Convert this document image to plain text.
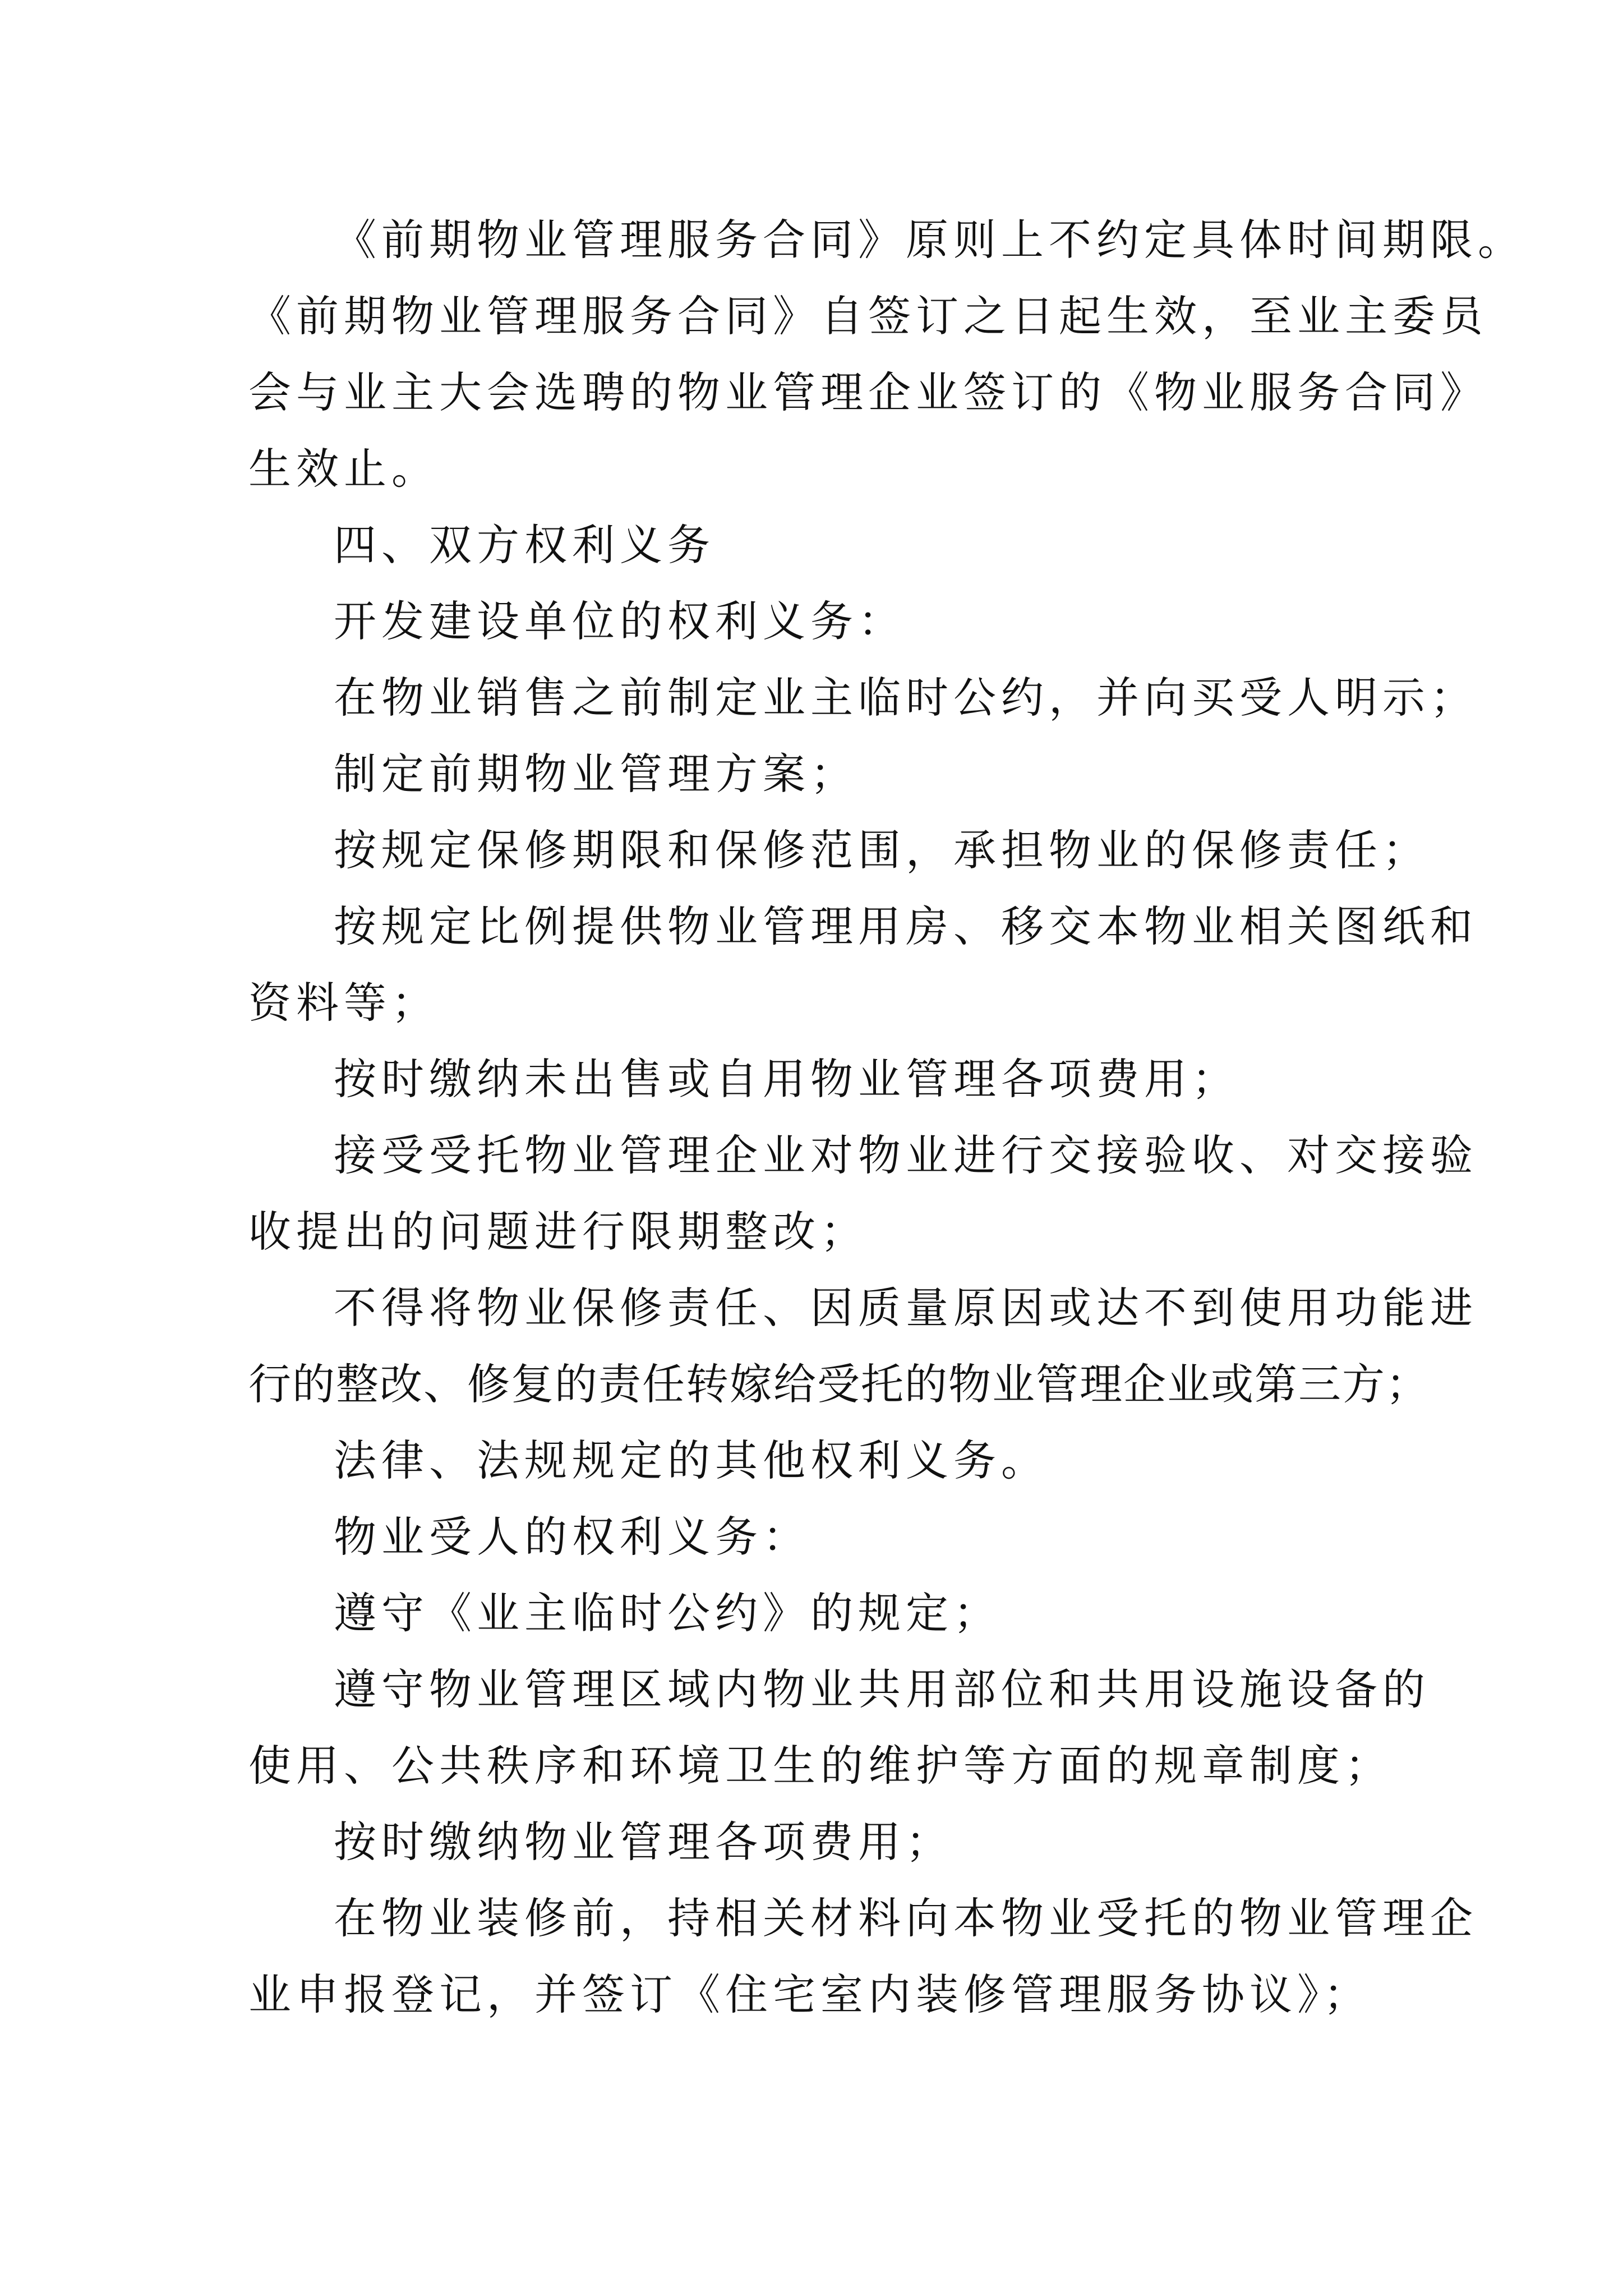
《前期物业管理服务合同》原则上不约定具体时间期限。
《前期物业管理服务合同》自签订之日起生效，至业主委员
会与业主大会选聘的物业管理企业签订的《物业服务合同》
生效止。
四、双方权利义务
开发建设单位的权利义务：
在物业销售之前制定业主临时公约，并向买受人明示；
制定前期物业管理方案；
按规定保修期限和保修范围，承担物业的保修责任；
按规定比例提供物业管理用房、移交本物业相关图纸和
资料等；
按时缴纳未出售或自用物业管理各项费用；
接受受托物业管理企业对物业进行交接验收、对交接验
收提出的问题进行限期整改；
不得将物业保修责任、因质量原因或达不到使用功能进
行的整改、修复的责任转嫁给受托的物业管理企业或第三方；
法律、法规规定的其他权利义务。
物业受人的权利义务：
遵守《业主临时公约》的规定；
遵守物业管理区域内物业共用部位和共用设施设备的
使用、公共秩序和环境卫生的维护等方面的规章制度；
按时缴纳物业管理各项费用；
在物业装修前，持相关材料向本物业受托的物业管理企
业申报登记，并签订《住宅室内装修管理服务协议》；
